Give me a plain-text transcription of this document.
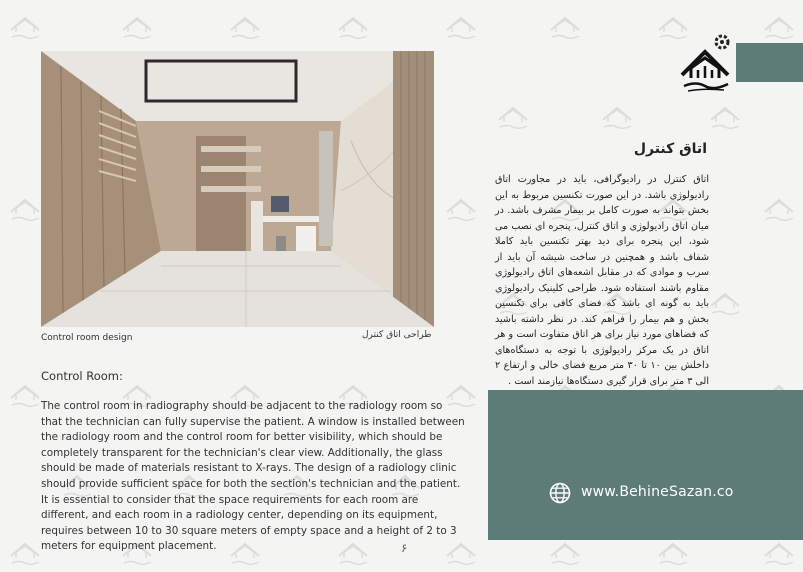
Control room design	طراحی اتاق کنترل
Control Room:
The control room in radiography should be adjacent to the radiology room so that the technician can fully supervise the patient. A window is installed between the radiology room and the control room for better visibility, which should be completely transparent for the technician's clear view. Additionally, the glass should be made of materials resistant to X-rays. The design of a radiology clinic should provide sufficient space for both the section's technician and the patient. It is essential to consider that the space requirements for each room are different, and each room in a radiology center, depending on its equipment, requires between 10 to 30 square meters of empty space and a height of 2 to 3 meters for equipment placement.	۶
اتاق کنترل
اتاق کنترل در رادیوگرافی، باید در مجاورت اتاق رادیولوژی باشد. در این صورت تکنسین مربوط به این بخش بتواند به صورت کامل بر بیمار مشرف باشد. در میان اتاق رادیولوژی و اتاق کنترل، پنجره ای نصب می شود، این پنجره برای دید بهتر تکنسین باید کاملا شفاف باشد و همچنین در ساخت شیشه آن باید از سرب و موادی که در مقابل اشعه‌های اتاق رادیولوژی مقاوم باشند استفاده شود. طراحی کلینیک رادیولوژی باید به گونه ای باشد که فضای کافی برای تکنسین بخش و هم بیمار را فراهم کند. در نظر داشته باشید که فضاهای مورد نیاز برای هر اتاق متفاوت است و هر اتاق در یک مرکز رادیولوژی با توجه به دستگاه‌های داخلش بین ۱۰ تا ۳۰ متر مربع فضای خالی و ارتفاع ۲ الی ۳ متر برای قرار گیری دستگاه‌ها نیازمند است .
www.BehineSazan.co
